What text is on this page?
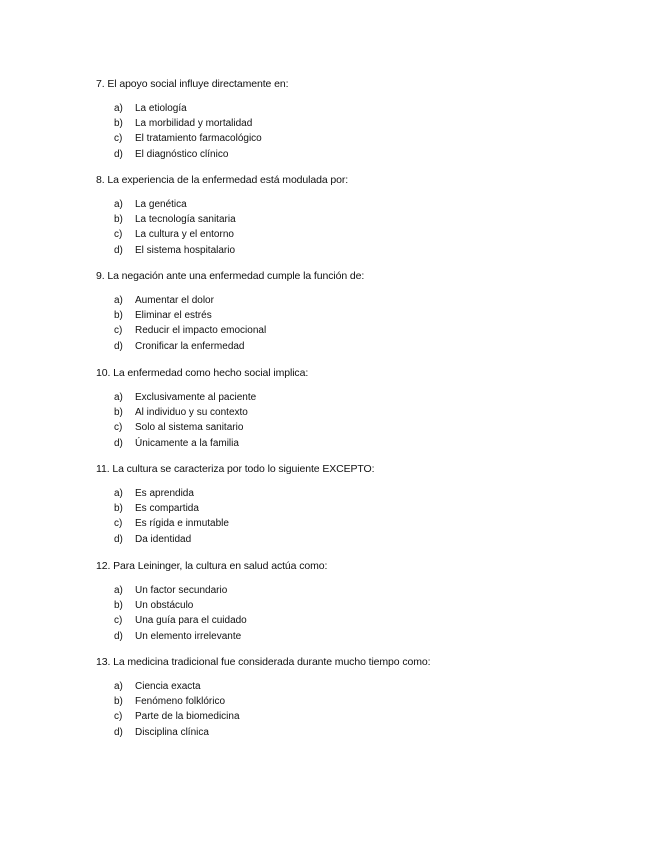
7. El apoyo social influye directamente en:

a)	La etiología
b)	La morbilidad y mortalidad
c)	El tratamiento farmacológico
d)	El diagnóstico clínico

8. La experiencia de la enfermedad está modulada por:

a)	La genética
b)	La tecnología sanitaria
c)	La cultura y el entorno
d)	El sistema hospitalario

9. La negación ante una enfermedad cumple la función de:

a)	Aumentar el dolor
b)	Eliminar el estrés
c)	Reducir el impacto emocional
d)	Cronificar la enfermedad

10. La enfermedad como hecho social implica:

a)	Exclusivamente al paciente
b)	Al individuo y su contexto
c)	Solo al sistema sanitario
d)	Únicamente a la familia

11. La cultura se caracteriza por todo lo siguiente EXCEPTO:

a)	Es aprendida
b)	Es compartida
c)	Es rígida e inmutable
d)	Da identidad

12. Para Leininger, la cultura en salud actúa como:

a)	Un factor secundario
b)	Un obstáculo
c)	Una guía para el cuidado
d)	Un elemento irrelevante

13. La medicina tradicional fue considerada durante mucho tiempo como:

a)	Ciencia exacta
b)	Fenómeno folklórico
c)	Parte de la biomedicina
d)	Disciplina clínica
